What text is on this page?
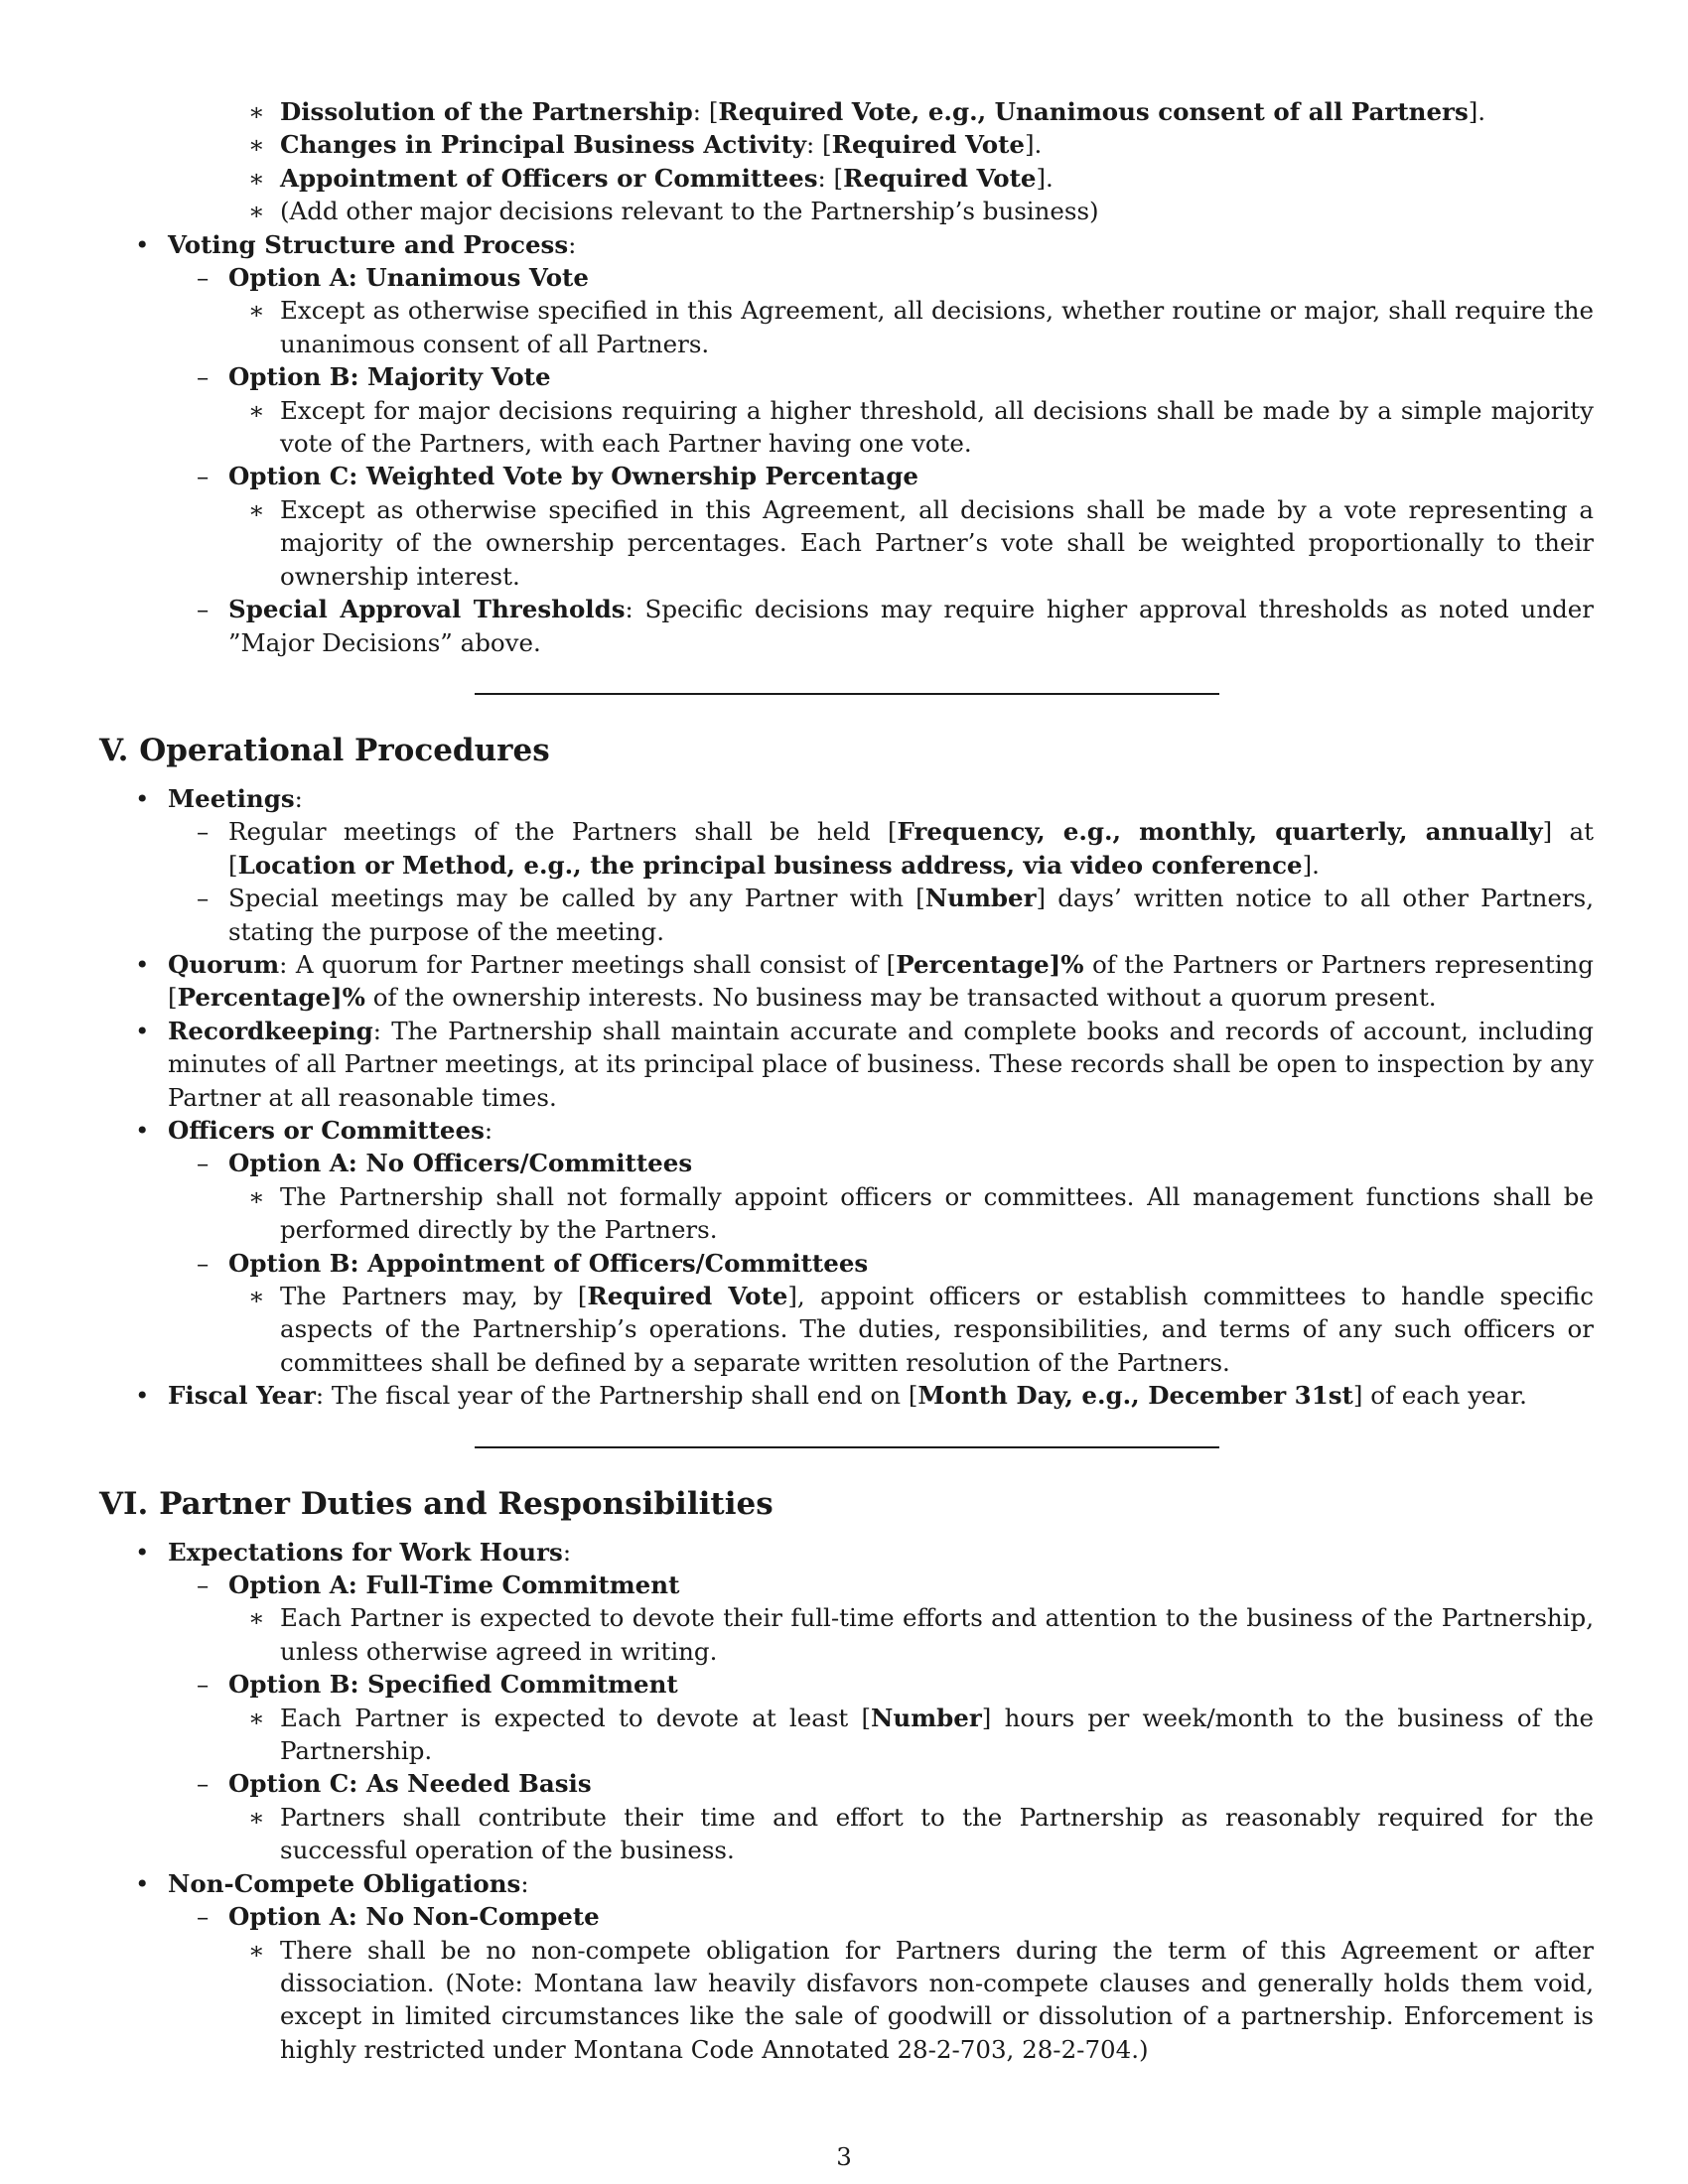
∗ Dissolution of the Partnership: [Required Vote, e.g., Unanimous consent of all Partners].
∗ Changes in Principal Business Activity: [Required Vote].
∗ Appointment of Officers or Committees: [Required Vote].
∗ (Add other major decisions relevant to the Partnership’s business)
• Voting Structure and Process:
– Option A: Unanimous Vote
∗ Except as otherwise specified in this Agreement, all decisions, whether routine or major, shall require the unanimous consent of all Partners.
– Option B: Majority Vote
∗ Except for major decisions requiring a higher threshold, all decisions shall be made by a simple majority vote of the Partners, with each Partner having one vote.
– Option C: Weighted Vote by Ownership Percentage
∗ Except as otherwise specified in this Agreement, all decisions shall be made by a vote representing a majority of the ownership percentages. Each Partner’s vote shall be weighted proportionally to their ownership interest.
– Special Approval Thresholds: Specific decisions may require higher approval thresholds as noted under ”Major Decisions” above.
V. Operational Procedures
• Meetings:
– Regular meetings of the Partners shall be held [Frequency, e.g., monthly, quarterly, annually] at [Location or Method, e.g., the principal business address, via video conference].
– Special meetings may be called by any Partner with [Number] days’ written notice to all other Partners, stating the purpose of the meeting.
• Quorum: A quorum for Partner meetings shall consist of [Percentage]% of the Partners or Partners representing [Percentage]% of the ownership interests. No business may be transacted without a quorum present.
• Recordkeeping: The Partnership shall maintain accurate and complete books and records of account, including minutes of all Partner meetings, at its principal place of business. These records shall be open to inspection by any Partner at all reasonable times.
• Officers or Committees:
– Option A: No Officers/Committees
∗ The Partnership shall not formally appoint officers or committees. All management functions shall be performed directly by the Partners.
– Option B: Appointment of Officers/Committees
∗ The Partners may, by [Required Vote], appoint officers or establish committees to handle specific aspects of the Partnership’s operations. The duties, responsibilities, and terms of any such officers or committees shall be defined by a separate written resolution of the Partners.
• Fiscal Year: The fiscal year of the Partnership shall end on [Month Day, e.g., December 31st] of each year.
VI. Partner Duties and Responsibilities
• Expectations for Work Hours:
– Option A: Full-Time Commitment
∗ Each Partner is expected to devote their full-time efforts and attention to the business of the Partnership, unless otherwise agreed in writing.
– Option B: Specified Commitment
∗ Each Partner is expected to devote at least [Number] hours per week/month to the business of the Partnership.
– Option C: As Needed Basis
∗ Partners shall contribute their time and effort to the Partnership as reasonably required for the successful operation of the business.
• Non-Compete Obligations:
– Option A: No Non-Compete
∗ There shall be no non-compete obligation for Partners during the term of this Agreement or after dissociation. (Note: Montana law heavily disfavors non-compete clauses and generally holds them void, except in limited circumstances like the sale of goodwill or dissolution of a partnership. Enforcement is highly restricted under Montana Code Annotated 28-2-703, 28-2-704.)
3
